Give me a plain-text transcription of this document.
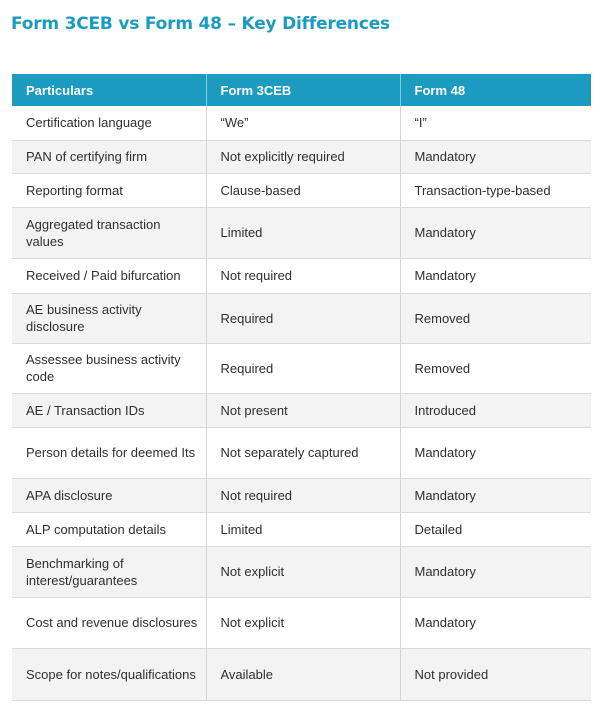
Form 3CEB vs Form 48 – Key Differences
Particulars	Form 3CEB	Form 48
Certification language	“We”	“I”
PAN of certifying firm	Not explicitly required	Mandatory
Reporting format	Clause-based	Transaction-type-based
Aggregated transaction values	Limited	Mandatory
Received / Paid bifurcation	Not required	Mandatory
AE business activity disclosure	Required	Removed
Assessee business activity code	Required	Removed
AE / Transaction IDs	Not present	Introduced
Person details for deemed Its	Not separately captured	Mandatory
APA disclosure	Not required	Mandatory
ALP computation details	Limited	Detailed
Benchmarking of interest/guarantees	Not explicit	Mandatory
Cost and revenue disclosures	Not explicit	Mandatory
Scope for notes/qualifications	Available	Not provided
